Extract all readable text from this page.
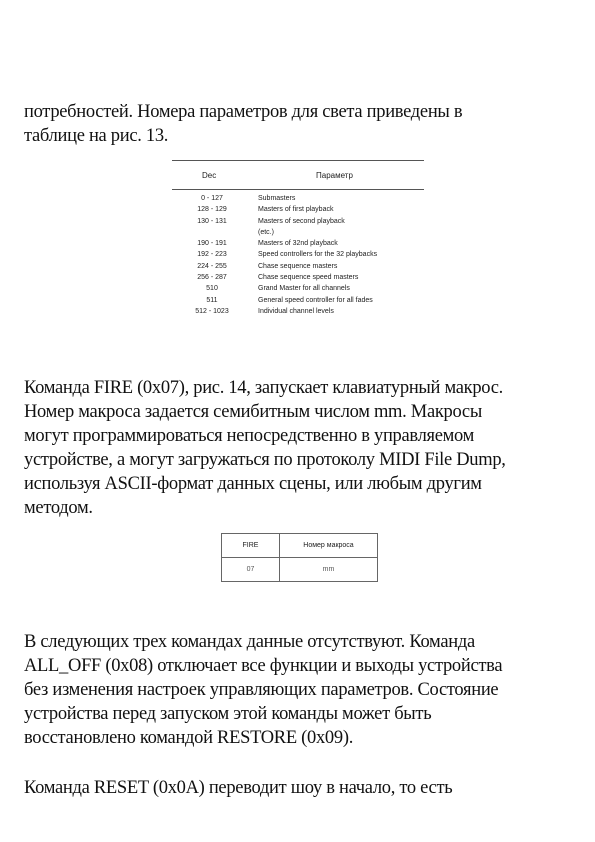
потребностей. Номера параметров для света приведены в
таблице на рис. 13.
Dec	Параметр
0 - 127	Submasters
128 - 129	Masters of first playback
130 - 131	Masters of second playback
(etc.)
190 - 191	Masters of 32nd playback
192 - 223	Speed controllers for the 32 playbacks
224 - 255	Chase sequence masters
256 - 287	Chase sequence speed masters
510	Grand Master for all channels
511	General speed controller for all fades
512 - 1023	Individual channel levels
Команда FIRE (0x07), рис. 14, запускает клавиатурный макрос.
Номер макроса задается семибитным числом mm. Макросы
могут программироваться непосредственно в управляемом
устройстве, а могут загружаться по протоколу MIDI File Dump,
используя ASCII-формат данных сцены, или любым другим
методом.
FIRE	Номер макроса
07	mm
В следующих трех командах данные отсутствуют. Команда
ALL_OFF (0x08) отключает все функции и выходы устройства
без изменения настроек управляющих параметров. Состояние
устройства перед запуском этой команды может быть
восстановлено командой RESTORE (0x09).
Команда RESET (0x0A) переводит шоу в начало, то есть
